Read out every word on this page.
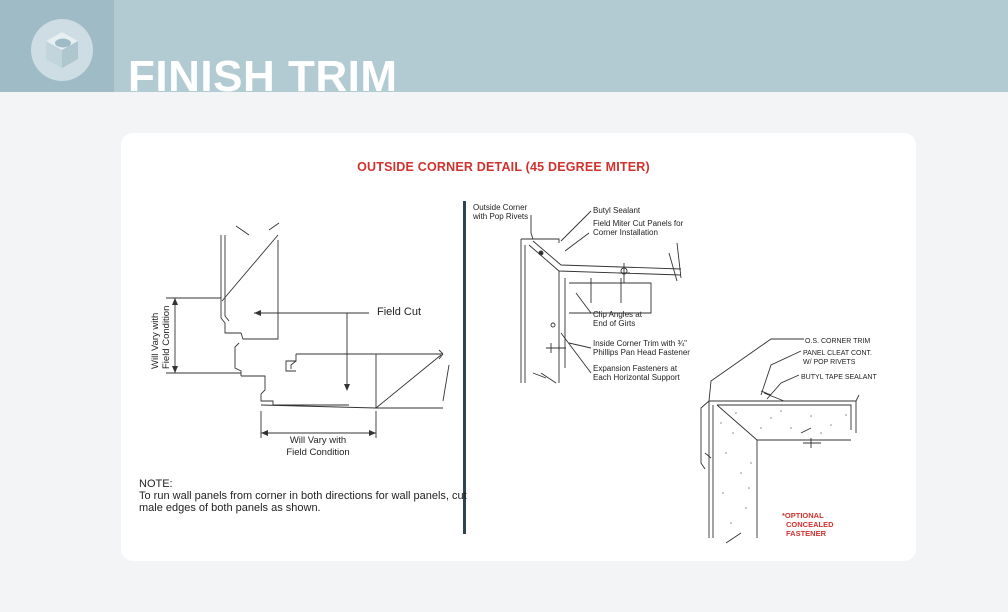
FINISH TRIM
OUTSIDE CORNER DETAIL (45 DEGREE MITER)
Field Cut
Will Vary with Field Condition
Will Vary with
Field Condition
Outside Corner
with Pop Rivets
Butyl Sealant
Field Miter Cut Panels for
Corner Installation
Clip Angles at
End of Girts
Inside Corner Trim with ¾"
Phillips Pan Head Fastener
Expansion Fasteners at
Each Horizontal Support
O.S. CORNER TRIM
PANEL CLEAT CONT.
W/ POP RIVETS
BUTYL TAPE SEALANT
*OPTIONAL
CONCEALED
FASTENER

NOTE:

To run wall panels from corner in both directions for wall panels, cut male edges of both panels as shown.
